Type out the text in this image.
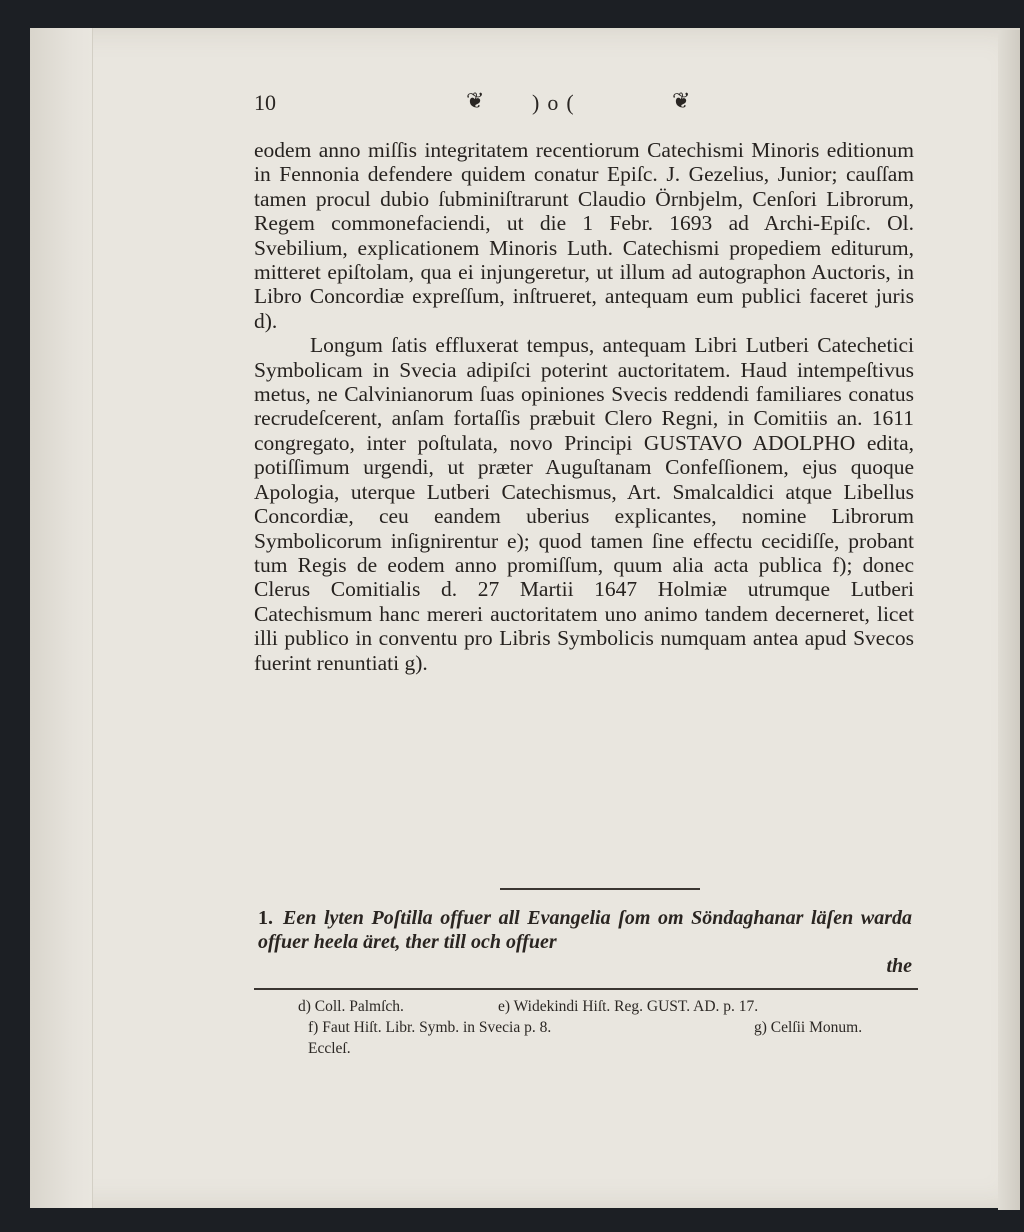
10	❦ )o(	❦

eodem anno miſſis integritatem recentiorum Catechismi Minoris editionum in Fennonia defendere quidem conatur Epiſc. J. Gezelius, Junior; cauſſam tamen procul dubio ſubminiſtrarunt Claudio Örnbjelm, Cenſori Librorum, Regem commonefaciendi, ut die 1 Febr. 1693 ad Archi-Epiſc. Ol. Svebilium, explicationem Minoris Luth. Catechismi propediem editurum, mitteret epiſtolam, qua ei injungeretur, ut illum ad autographon Auctoris, in Libro Concordiæ expreſſum, inſtrueret, antequam eum publici faceret juris d).

Longum ſatis effluxerat tempus, antequam Libri Lutberi Catechetici Symbolicam in Svecia adipiſci poterint auctoritatem. Haud intempeſtivus metus, ne Calvinianorum ſuas opiniones Svecis reddendi familiares conatus recrudeſcerent, anſam fortaſſis præbuit Clero Regni, in Comitiis an. 1611 congregato, inter poſtulata, novo Principi GUSTAVO ADOLPHO edita, potiſſimum urgendi, ut præter Auguſtanam Confeſſionem, ejus quoque Apologia, uterque Lutberi Catechismus, Art. Smalcaldici atque Libellus Concordiæ, ceu eandem uberius explicantes, nomine Librorum Symbolicorum inſignirentur e); quod tamen ſine effectu cecidiſſe, probant tum Regis de eodem anno promiſſum, quum alia acta publica f); donec Clerus Comitialis d. 27 Martii 1647 Holmiæ utrumque Lutberi Catechismum hanc mereri auctoritatem uno animo tandem decerneret, licet illi publico in conventu pro Libris Symbolicis numquam antea apud Svecos fuerint renuntiati g).

1. Een lyten Poſtilla offuer all Evangelia ſom om Söndaghanar läſen warda offuer heela äret, ther till och offuer
the
d) Coll. Palmſch.	e) Widekindi Hiſt. Reg. GUST. AD. p. 17.
f) Faut Hiſt. Libr. Symb. in Svecia p. 8.	g) Celſii Monum.
Eccleſ.
